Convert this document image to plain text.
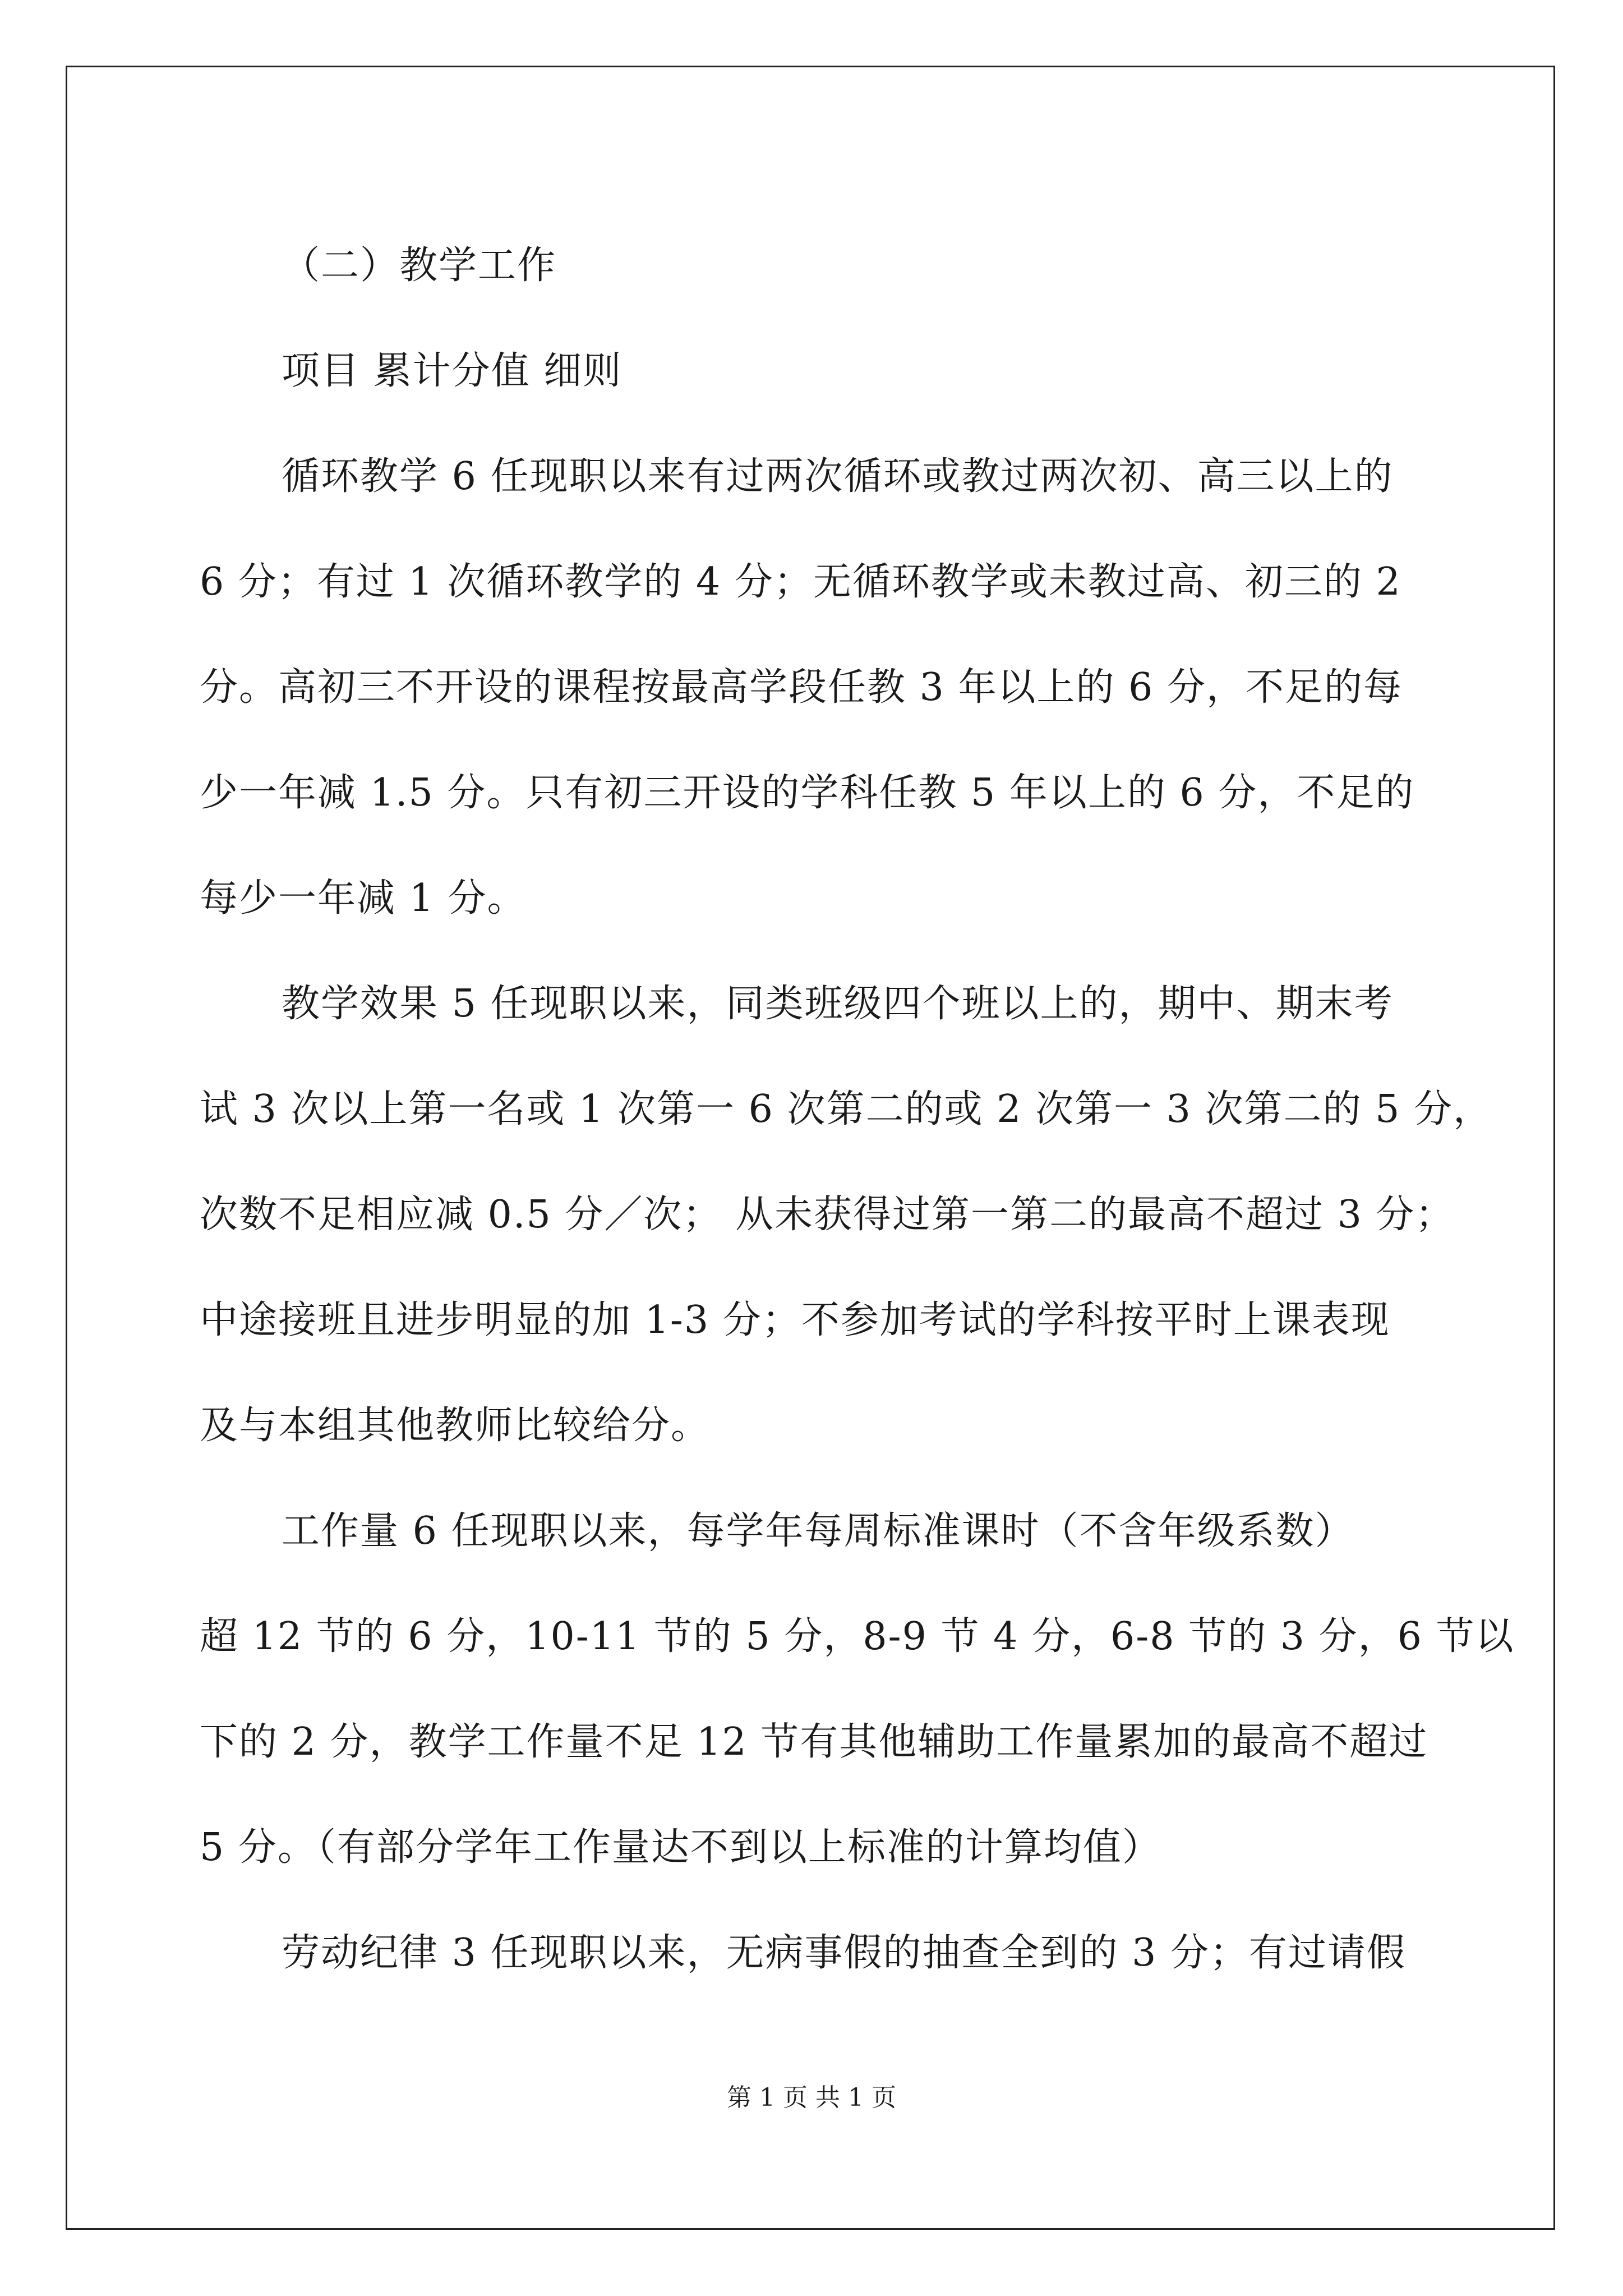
（二）教学工作
项目 累计分值 细则
循环教学 6 任现职以来有过两次循环或教过两次初、高三以上的
6 分；有过 1 次循环教学的 4 分；无循环教学或未教过高、初三的 2
分。高初三不开设的课程按最高学段任教 3 年以上的 6 分，不足的每
少一年减 1.5 分。只有初三开设的学科任教 5 年以上的 6 分，不足的
每少一年减 1 分。
教学效果 5 任现职以来，同类班级四个班以上的，期中、期末考
试 3 次以上第一名或 1 次第一 6 次第二的或 2 次第一 3 次第二的 5 分，
次数不足相应减 0.5 分／次； 从未获得过第一第二的最高不超过 3 分；
中途接班且进步明显的加 1-3 分；不参加考试的学科按平时上课表现
及与本组其他教师比较给分。
工作量 6 任现职以来，每学年每周标准课时（不含年级系数）
超 12 节的 6 分，10-11 节的 5 分，8-9 节 4 分，6-8 节的 3 分，6 节以
下的 2 分，教学工作量不足 12 节有其他辅助工作量累加的最高不超过
5 分。（有部分学年工作量达不到以上标准的计算均值）
劳动纪律 3 任现职以来，无病事假的抽查全到的 3 分；有过请假
第 1 页 共 1 页
